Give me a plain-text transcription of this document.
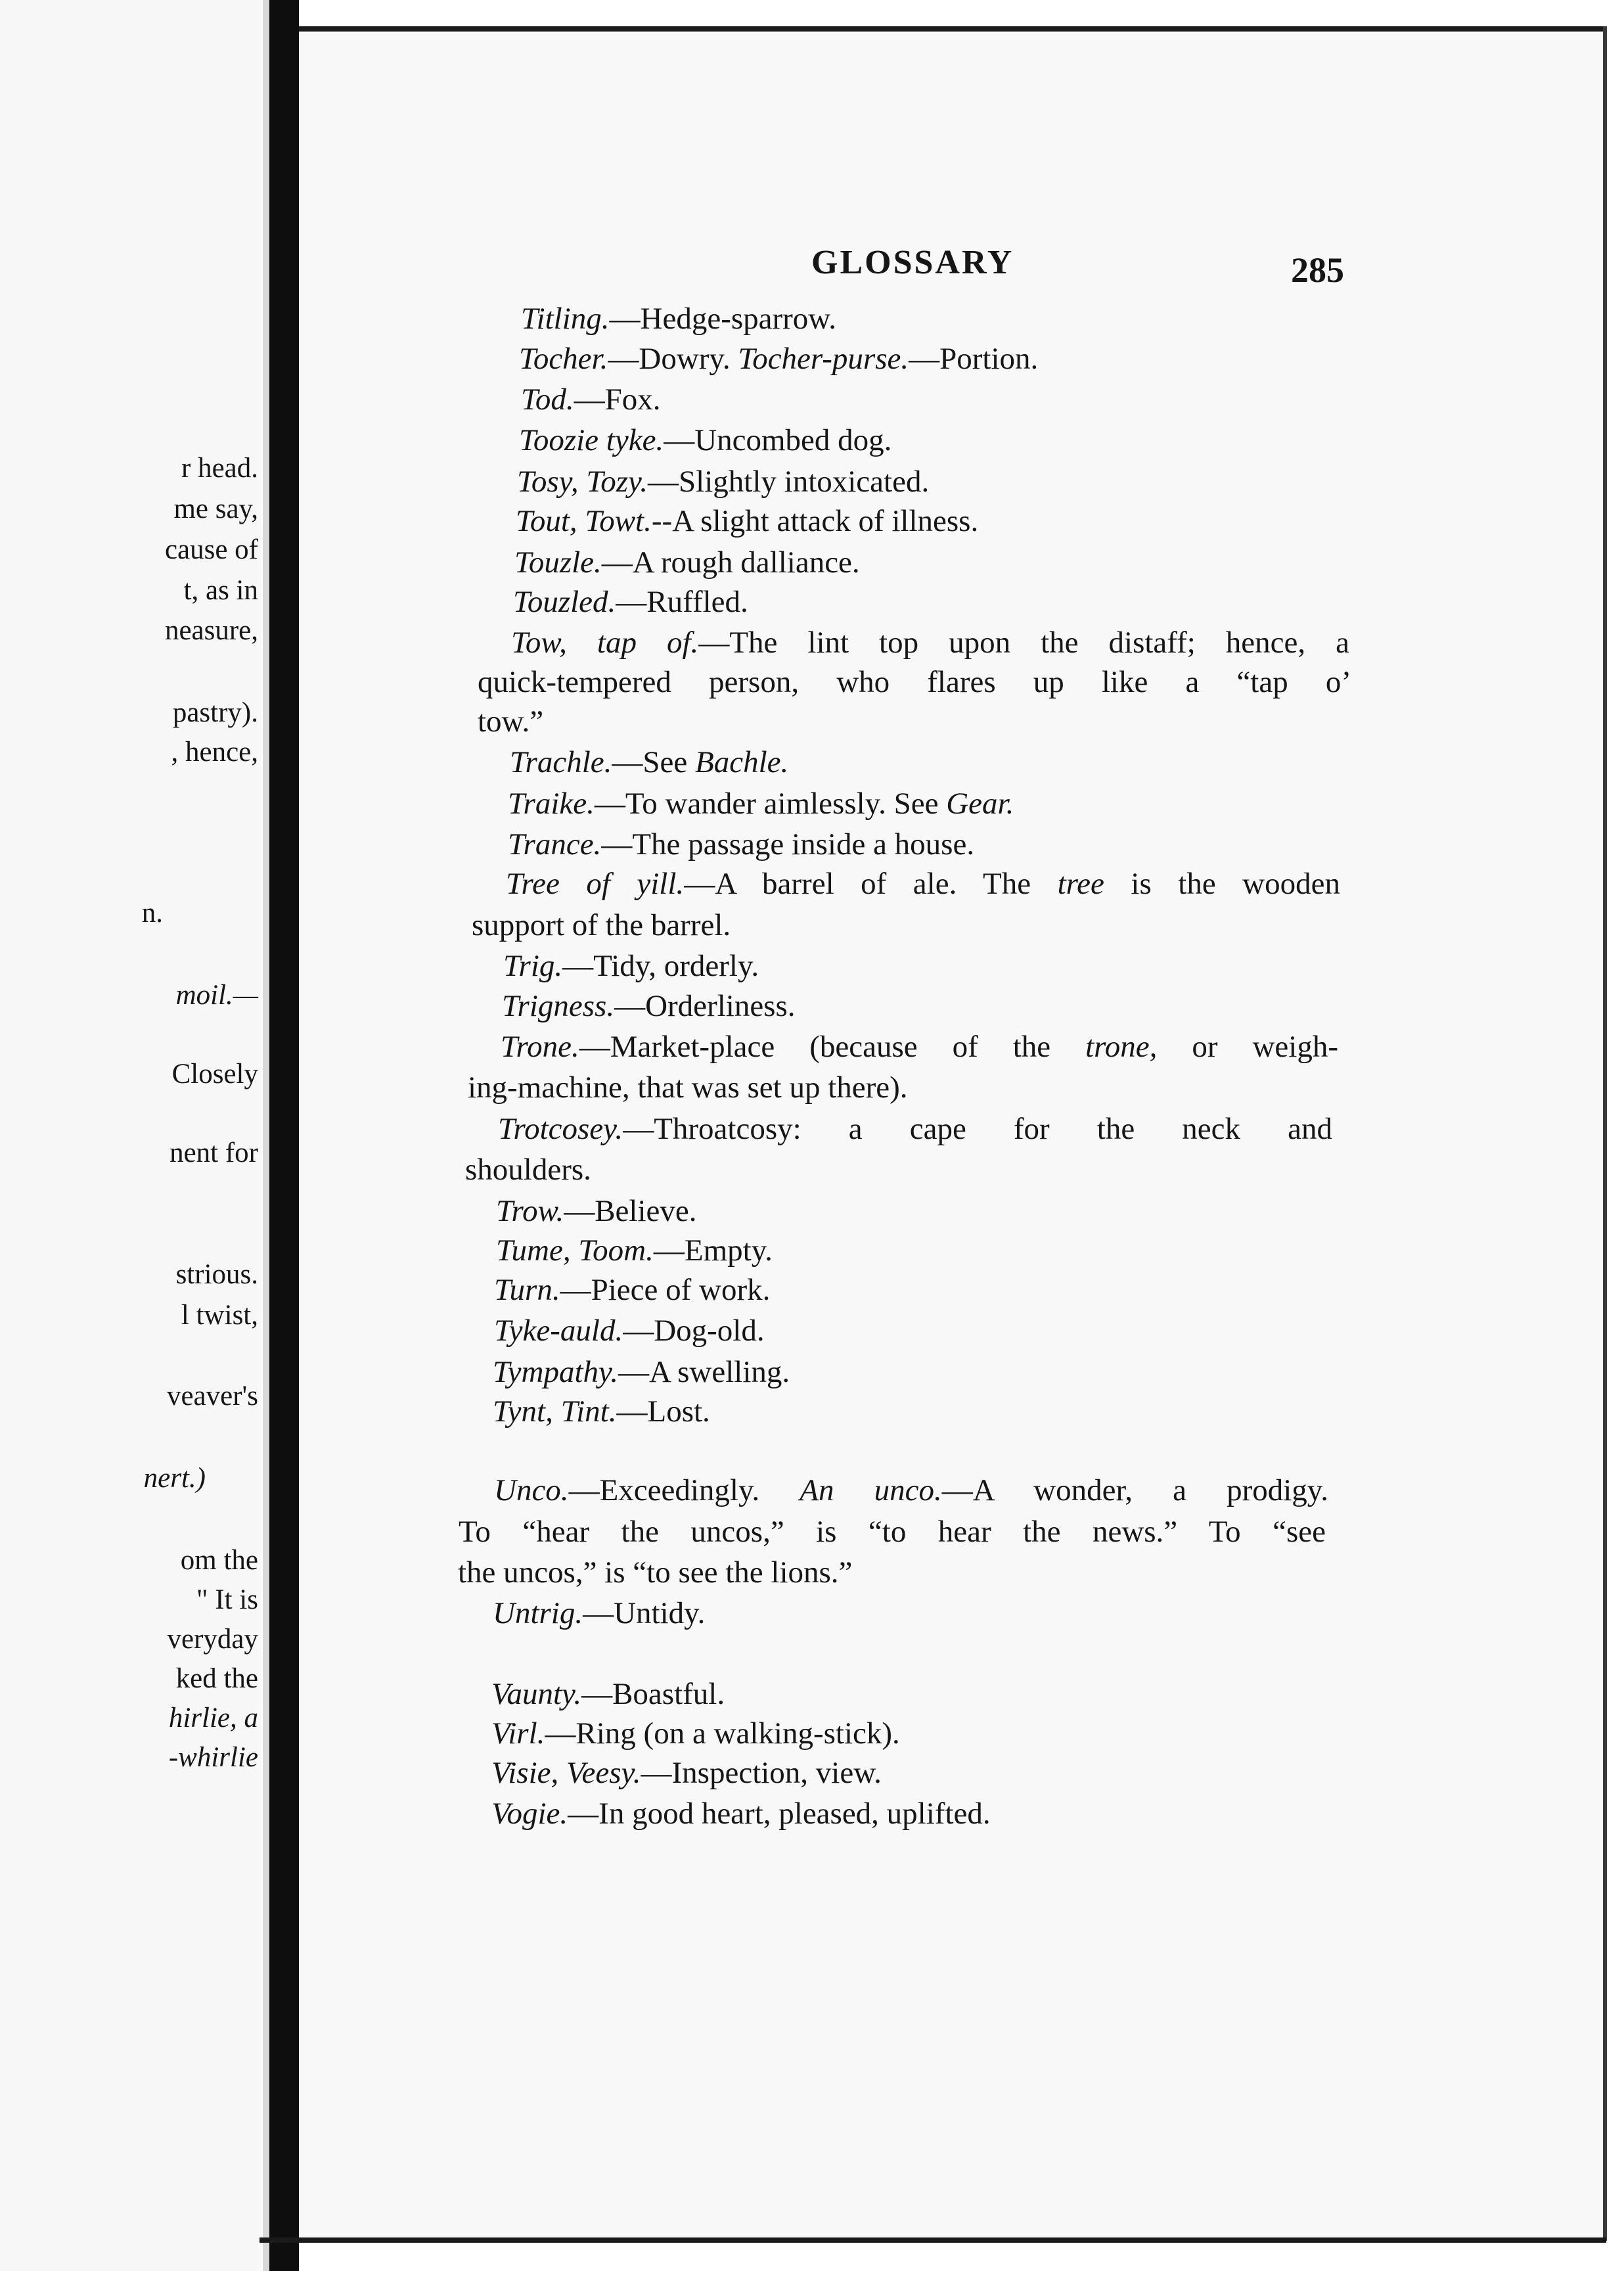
r head.
me say,
cause of
t, as in
neasure,
pastry).
, hence,
n.
moil.—
Closely
nent for
strious.
l twist,
veaver's
nert.)
om the
" It is
veryday
ked the
hirlie, a
-whirlie
GLOSSARY	285
Titling.—Hedge-sparrow.
Tocher.—Dowry. Tocher-purse.—Portion.
Tod.—Fox.
Toozie tyke.—Uncombed dog.
Tosy, Tozy.—Slightly intoxicated.
Tout, Towt.--A slight attack of illness.
Touzle.—A rough dalliance.
Touzled.—Ruffled.
Tow, tap of.—The lint top upon the distaff; hence, a
quick-tempered person, who flares up like a “tap o’
tow.”
Trachle.—See Bachle.
Traike.—To wander aimlessly. See Gear.
Trance.—The passage inside a house.
Tree of yill.—A barrel of ale. The tree is the wooden
support of the barrel.
Trig.—Tidy, orderly.
Trigness.—Orderliness.
Trone.—Market-place (because of the trone, or weigh-
ing-machine, that was set up there).
Trotcosey.—Throatcosy: a cape for the neck and
shoulders.
Trow.—Believe.
Tume, Toom.—Empty.
Turn.—Piece of work.
Tyke-auld.—Dog-old.
Tympathy.—A swelling.
Tynt, Tint.—Lost.
Unco.—Exceedingly. An unco.—A wonder, a prodigy.
To “hear the uncos,” is “to hear the news.” To “see
the uncos,” is “to see the lions.”
Untrig.—Untidy.
Vaunty.—Boastful.
Virl.—Ring (on a walking-stick).
Visie, Veesy.—Inspection, view.
Vogie.—In good heart, pleased, uplifted.
